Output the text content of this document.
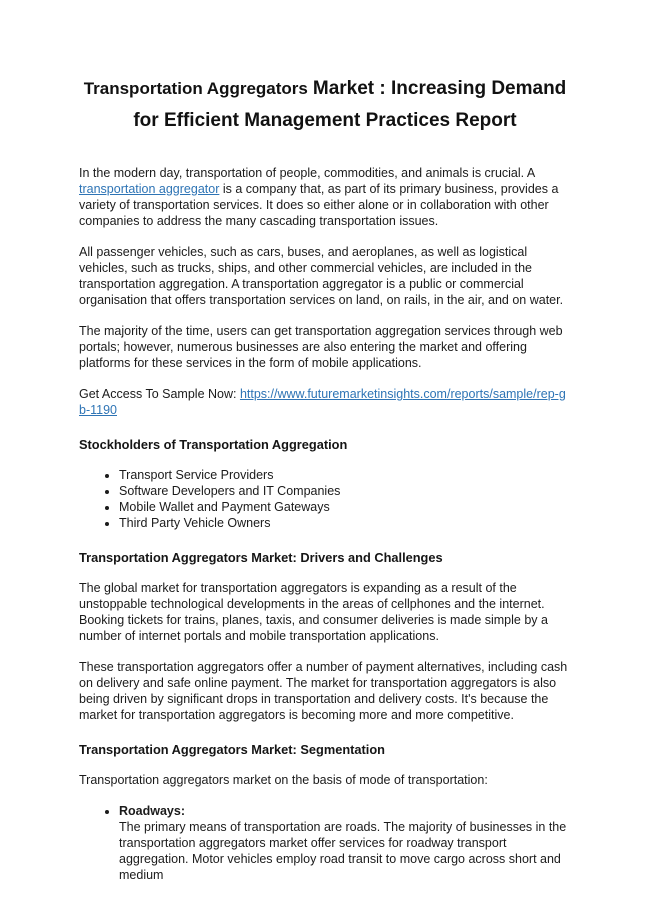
Transportation Aggregators Market : Increasing Demand
for Efficient Management Practices Report

In the modern day, transportation of people, commodities, and animals is crucial. A transportation aggregator is a company that, as part of its primary business, provides a variety of transportation services. It does so either alone or in collaboration with other companies to address the many cascading transportation issues.

All passenger vehicles, such as cars, buses, and aeroplanes, as well as logistical vehicles, such as trucks, ships, and other commercial vehicles, are included in the transportation aggregation. A transportation aggregator is a public or commercial organisation that offers transportation services on land, on rails, in the air, and on water.

The majority of the time, users can get transportation aggregation services through web portals; however, numerous businesses are also entering the market and offering platforms for these services in the form of mobile applications.

Get Access To Sample Now: https://www.futuremarketinsights.com/reports/sample/rep-gb-1190

Stockholders of Transportation Aggregation
• Transport Service Providers
• Software Developers and IT Companies
• Mobile Wallet and Payment Gateways
• Third Party Vehicle Owners
Transportation Aggregators Market: Drivers and Challenges

The global market for transportation aggregators is expanding as a result of the unstoppable technological developments in the areas of cellphones and the internet. Booking tickets for trains, planes, taxis, and consumer deliveries is made simple by a number of internet portals and mobile transportation applications.

These transportation aggregators offer a number of payment alternatives, including cash on delivery and safe online payment. The market for transportation aggregators is also being driven by significant drops in transportation and delivery costs. It's because the market for transportation aggregators is becoming more and more competitive.

Transportation Aggregators Market: Segmentation

Transportation aggregators market on the basis of mode of transportation:

• Roadways:
The primary means of transportation are roads. The majority of businesses in the transportation aggregators market offer services for roadway transport aggregation. Motor vehicles employ road transit to move cargo across short and medium
